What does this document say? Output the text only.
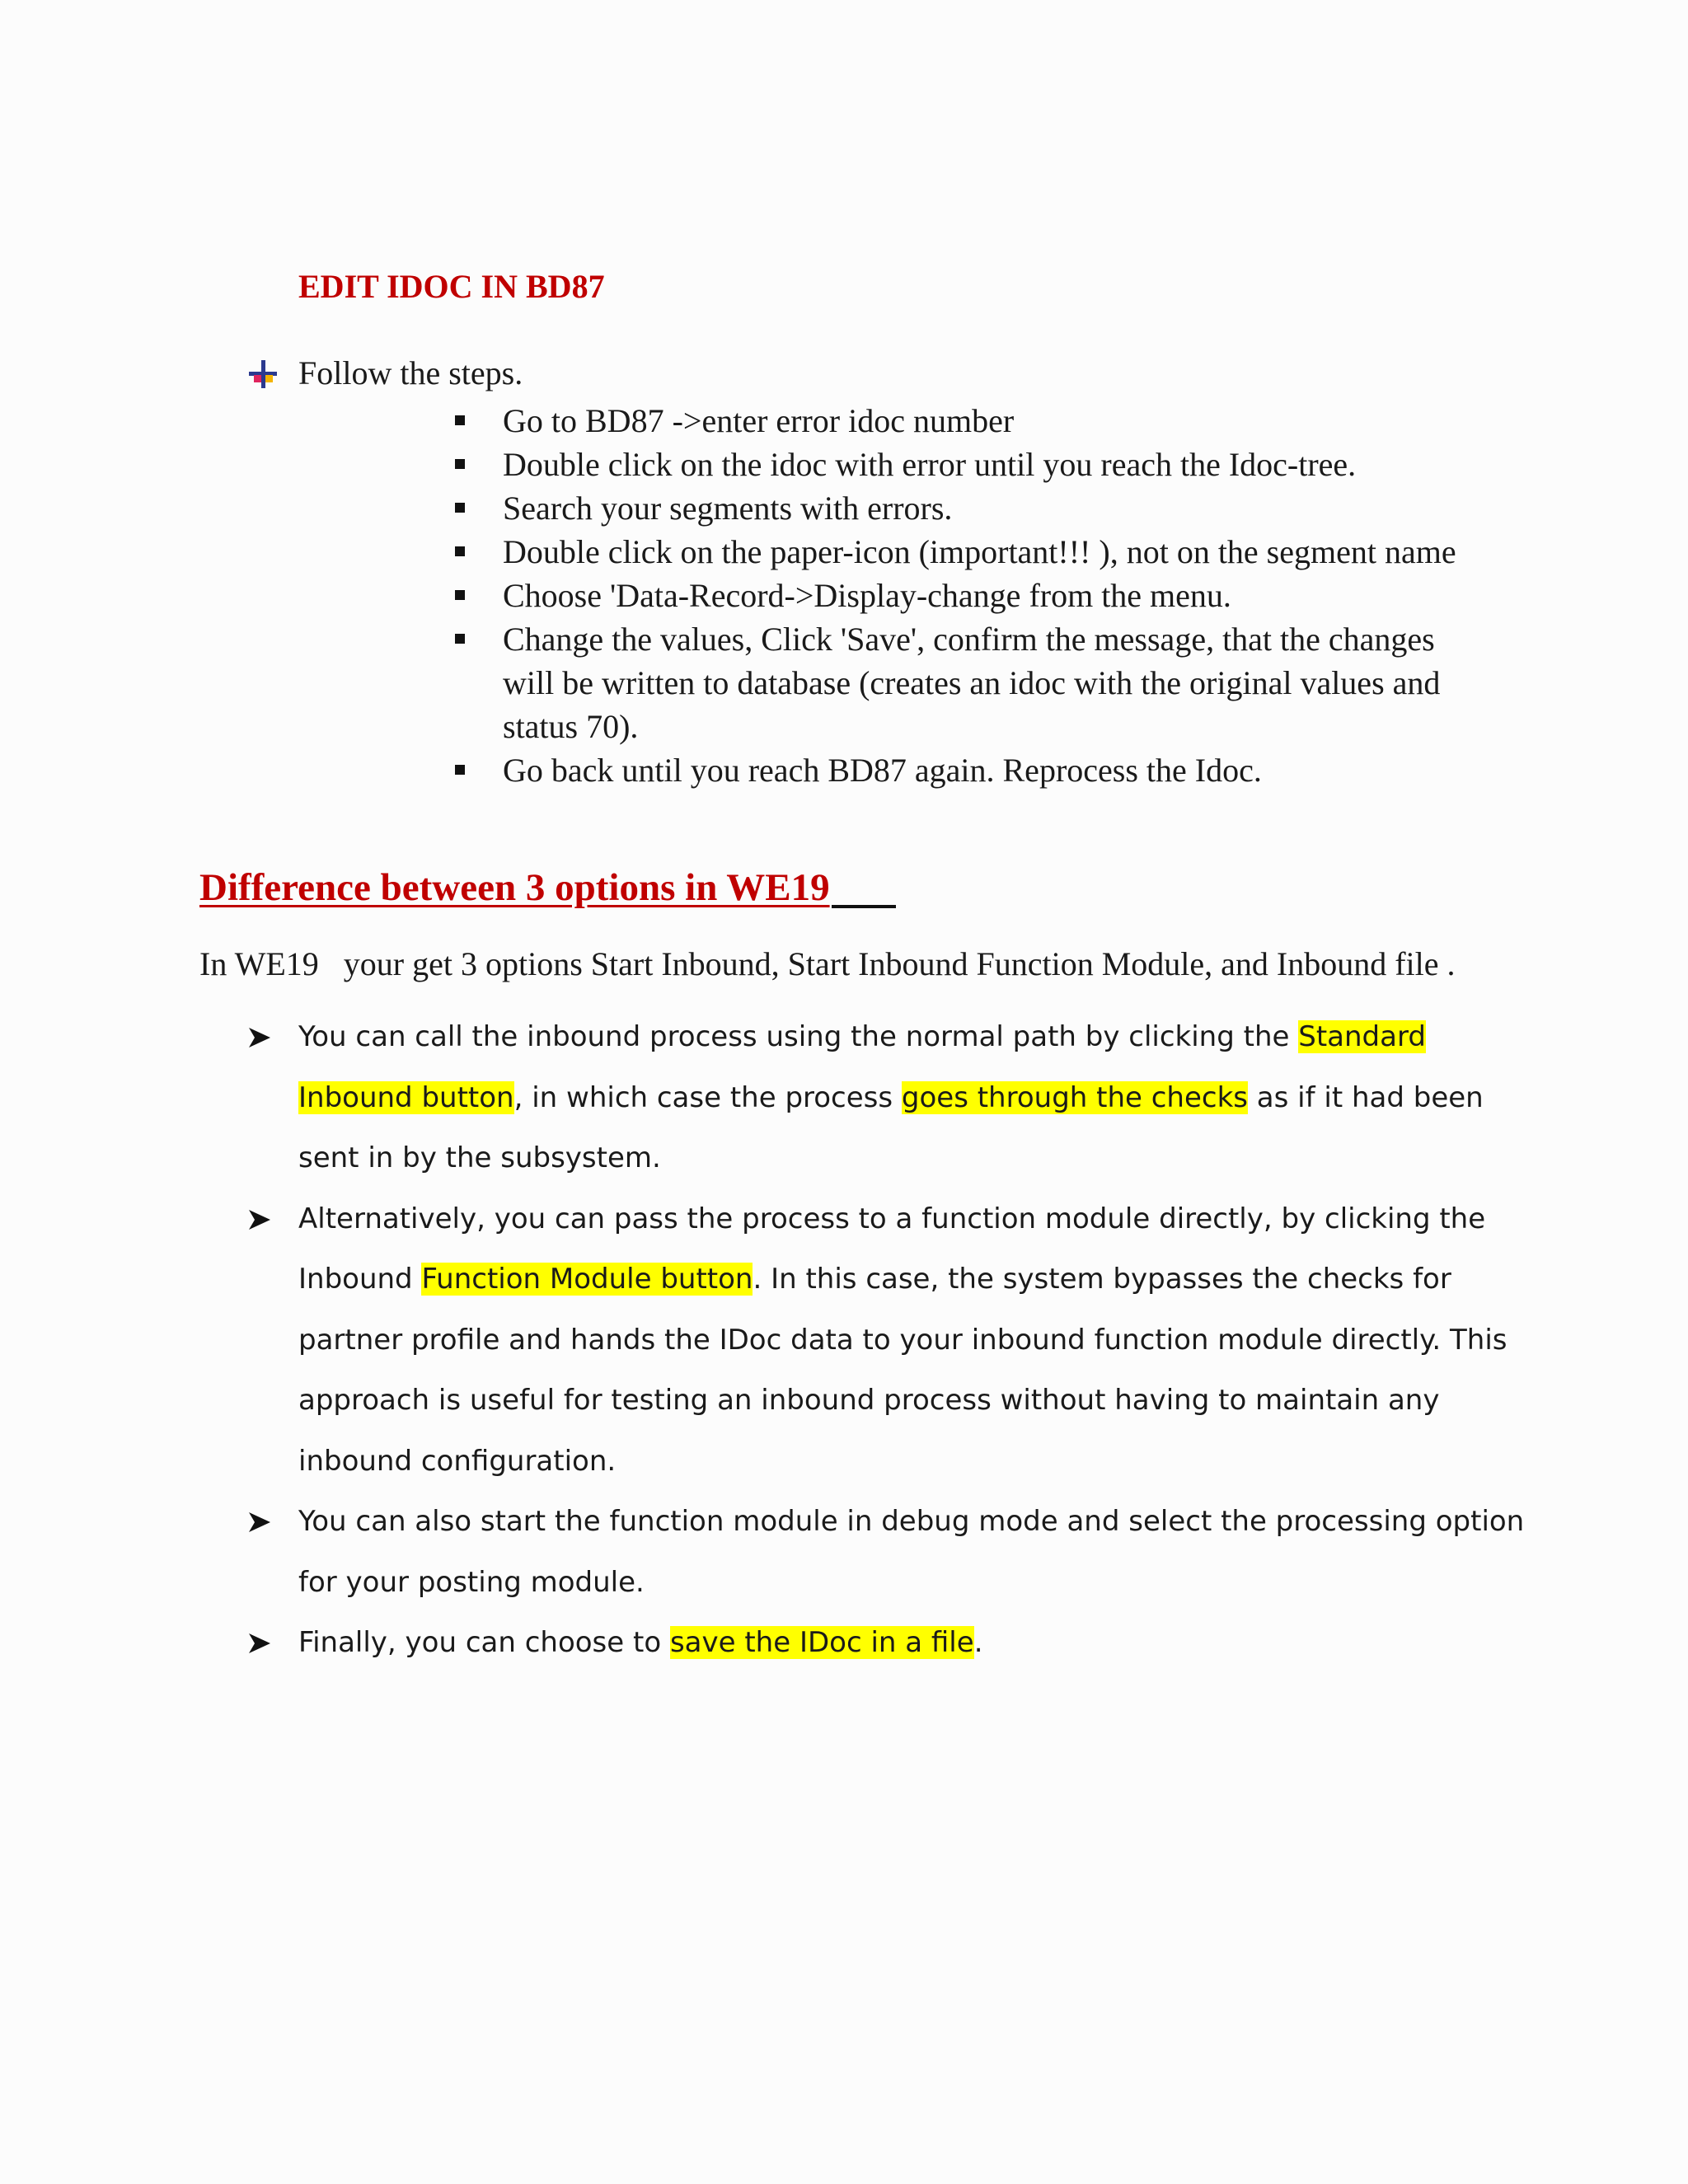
EDIT IDOC IN BD87
Follow the steps.
Go to BD87 ->enter error idoc number
Double click on the idoc with error until you reach the Idoc-tree.
Search your segments with errors.
Double click on the paper-icon (important!!! ), not on the segment name
Choose 'Data-Record->Display-change from the menu.
Change the values, Click 'Save', confirm the message, that the changes will be written to database (creates an idoc with the original values and status 70).
Go back until you reach BD87 again. Reprocess the Idoc.
Difference between 3 options in WE19
In WE19   your get 3 options Start Inbound, Start Inbound Function Module, and Inbound file .
You can call the inbound process using the normal path by clicking the Standard Inbound button, in which case the process goes through the checks as if it had been sent in by the subsystem.
Alternatively, you can pass the process to a function module directly, by clicking the Inbound Function Module button. In this case, the system bypasses the checks for partner profile and hands the IDoc data to your inbound function module directly. This approach is useful for testing an inbound process without having to maintain any inbound configuration.
You can also start the function module in debug mode and select the processing option for your posting module.
Finally, you can choose to save the IDoc in a file.
